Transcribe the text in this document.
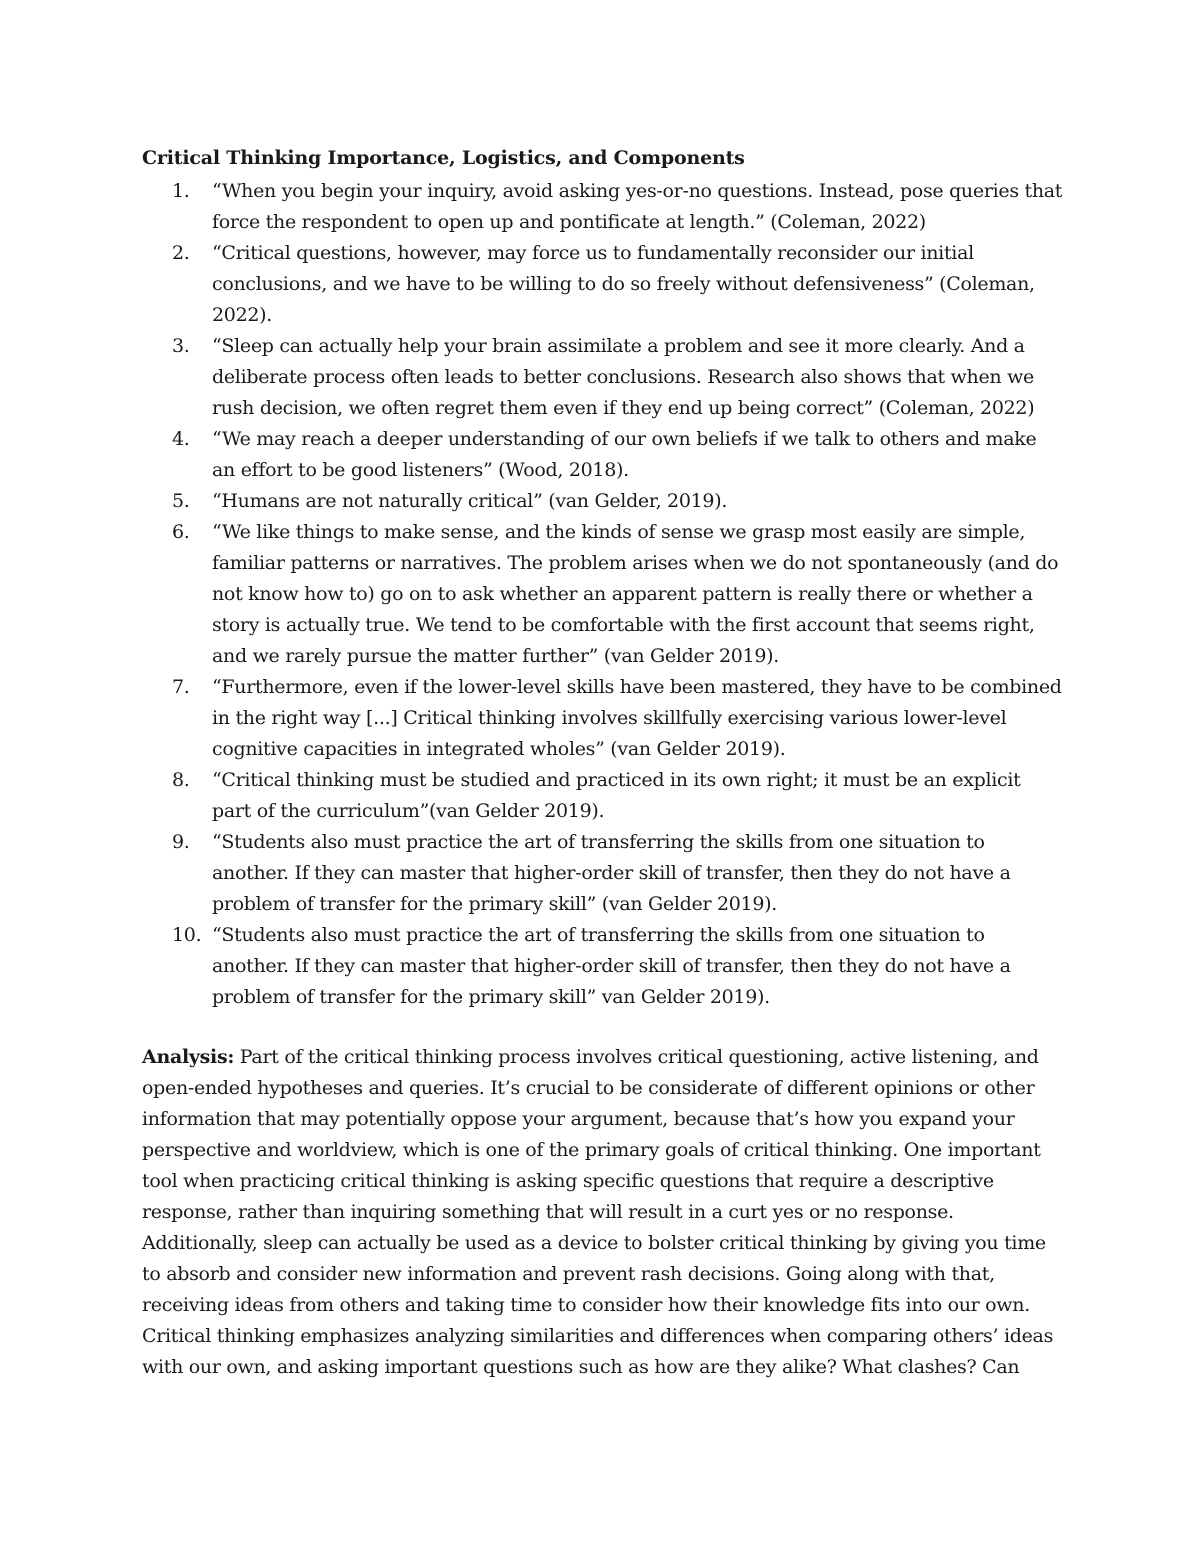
Critical Thinking Importance, Logistics, and Components
1.	“When you begin your inquiry, avoid asking yes-or-no questions. Instead, pose queries that force the respondent to open up and pontificate at length.” (Coleman, 2022)
2.	“Critical questions, however, may force us to fundamentally reconsider our initial conclusions, and we have to be willing to do so freely without defensiveness” (Coleman, 2022).
3.	“Sleep can actually help your brain assimilate a problem and see it more clearly. And a deliberate process often leads to better conclusions. Research also shows that when we rush decision, we often regret them even if they end up being correct” (Coleman, 2022)
4.	“We may reach a deeper understanding of our own beliefs if we talk to others and make an effort to be good listeners” (Wood, 2018).
5.	“Humans are not naturally critical” (van Gelder, 2019).
6.	“We like things to make sense, and the kinds of sense we grasp most easily are simple, familiar patterns or narratives. The problem arises when we do not spontaneously (and do not know how to) go on to ask whether an apparent pattern is really there or whether a story is actually true. We tend to be comfortable with the first account that seems right, and we rarely pursue the matter further” (van Gelder 2019).
7.	“Furthermore, even if the lower-level skills have been mastered, they have to be combined in the right way [...] Critical thinking involves skillfully exercising various lower-level cognitive capacities in integrated wholes” (van Gelder 2019).
8.	“Critical thinking must be studied and practiced in its own right; it must be an explicit part of the curriculum”(van Gelder 2019).
9.	“Students also must practice the art of transferring the skills from one situation to another. If they can master that higher-order skill of transfer, then they do not have a problem of transfer for the primary skill” (van Gelder 2019).
10. “Students also must practice the art of transferring the skills from one situation to another. If they can master that higher-order skill of transfer, then they do not have a problem of transfer for the primary skill” van Gelder 2019).

Analysis: Part of the critical thinking process involves critical questioning, active listening, and open-ended hypotheses and queries. It’s crucial to be considerate of different opinions or other information that may potentially oppose your argument, because that’s how you expand your perspective and worldview, which is one of the primary goals of critical thinking. One important tool when practicing critical thinking is asking specific questions that require a descriptive response, rather than inquiring something that will result in a curt yes or no response. Additionally, sleep can actually be used as a device to bolster critical thinking by giving you time to absorb and consider new information and prevent rash decisions. Going along with that, receiving ideas from others and taking time to consider how their knowledge fits into our own. Critical thinking emphasizes analyzing similarities and differences when comparing others’ ideas with our own, and asking important questions such as how are they alike? What clashes? Can
